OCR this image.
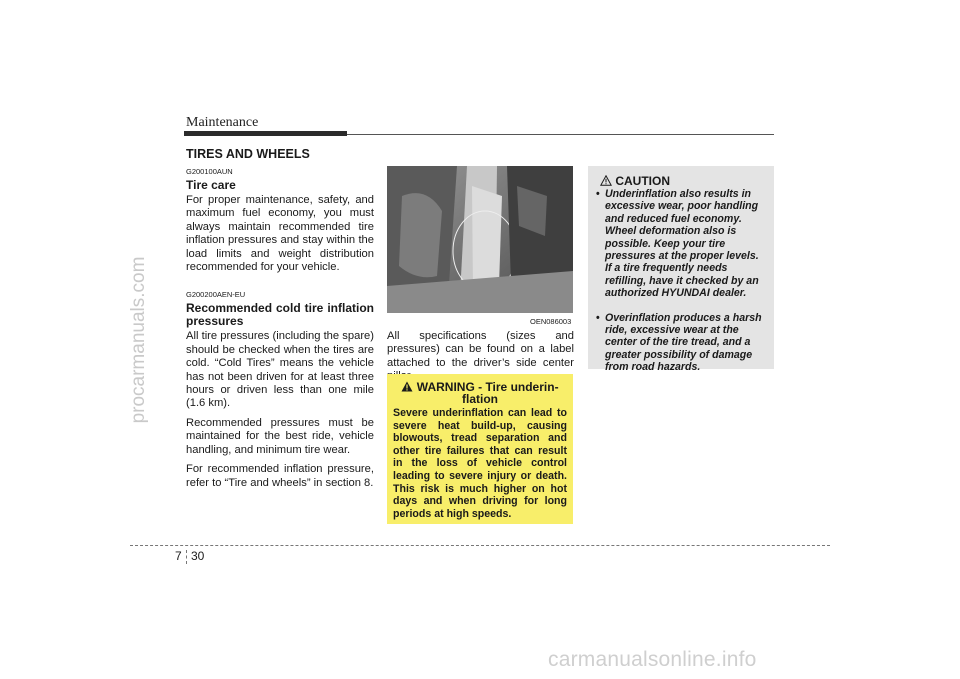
procarmanuals.com
carmanualsonline.info
Maintenance
TIRES AND WHEELS
G200100AUN
Tire care

For proper maintenance, safety, and maximum fuel economy, you must always maintain recommended tire inflation pressures and stay within the load limits and weight distribution recommended for your vehicle.

G200200AEN-EU
Recommended cold tire inflation pressures

All tire pressures (including the spare) should be checked when the tires are cold. “Cold Tires” means the vehicle has not been driven for at least three hours or driven less than one mile (1.6 km).

Recommended pressures must be maintained for the best ride, vehicle handling, and minimum tire wear.

For recommended inflation pressure, refer to “Tire and wheels” in section 8.

OEN086003
All specifications (sizes and pressures) can be found on a label attached to the driver’s side center
WARNING - Tire underin-flation
Severe underinflation can lead to severe heat build-up, causing blowouts, tread separation and other tire failures that can result in the loss of vehicle control leading to severe injury or death. This risk is much higher on hot days and when driving for long periods at high speeds.
CAUTION
• Underinflation also results in excessive wear, poor handling and reduced fuel economy. Wheel deformation also is possible. Keep your tire pressures at the proper levels. If a tire frequently needs refilling, have it checked by an authorized HYUNDAI dealer.
• Overinflation produces a harsh ride, excessive wear at the center of the tire tread, and a greater possibility of damage from road hazards.
7 30
